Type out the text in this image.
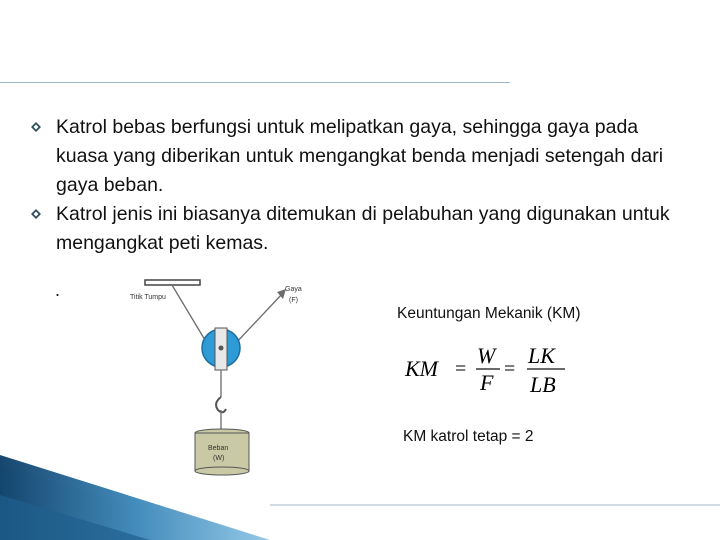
Katrol bebas berfungsi untuk melipatkan gaya, sehingga gaya pada kuasa yang diberikan untuk mengangkat benda menjadi setengah dari gaya beban.
Katrol jenis ini biasanya ditemukan di pelabuhan yang digunakan untuk mengangkat peti kemas.
.	Titik Tumpu
Gaya
(F)
Beban
(W)
Keuntungan Mekanik (KM)
KM =
W
F
=
LK
LB
KM katrol tetap = 2
